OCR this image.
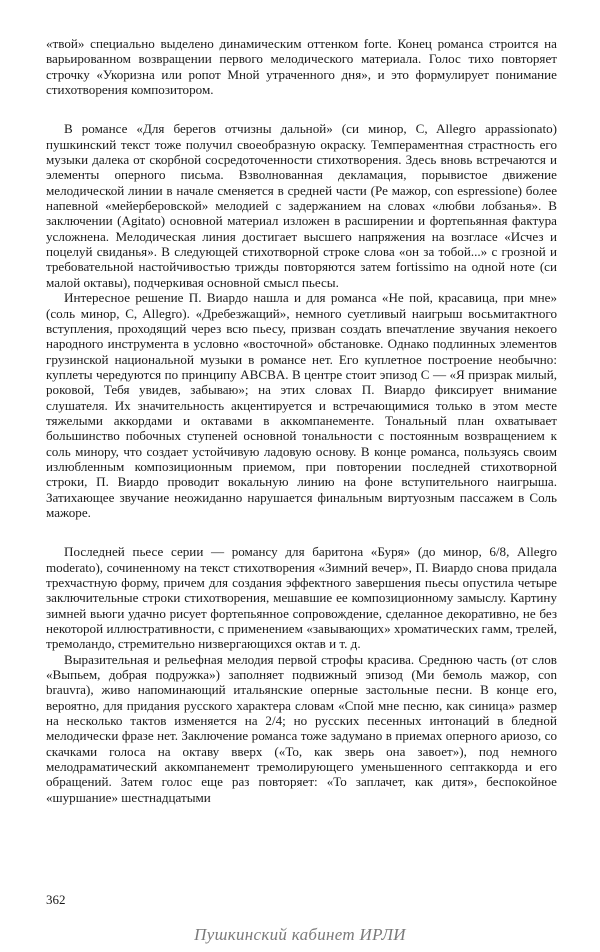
«твой» специально выделено динамическим оттенком forte. Конец романса строится на варьированном возвращении первого мелодического материала. Голос тихо повторяет строчку «Укоризна или ропот Мной утраченного дня», и это формулирует понимание стихотворения композитором.

В романсе «Для берегов отчизны дальной» (си минор, C, Allegro appassionato) пушкинский текст тоже получил своеобразную окраску. Темпераментная страстность его музыки далека от скорбной сосредоточенности стихотворения. Здесь вновь встречаются и элементы оперного письма. Взволнованная декламация, порывистое движение мелодической линии в начале сменяется в средней части (Ре мажор, con espressione) более напевной «мейерберовской» мелодией с задержанием на словах «любви лобзанья». В заключении (Agitato) основной материал изложен в расширении и фортепьянная фактура усложнена. Мелодическая линия достигает высшего напряжения на возгласе «Исчез и поцелуй свиданья». В следующей стихотворной строке слова «он за тобой...» с грозной и требовательной настойчивостью трижды повторяются затем fortissimo на одной ноте (си малой октавы), подчеркивая основной смысл пьесы.

Интересное решение П. Виардо нашла и для романса «Не пой, красавица, при мне» (соль минор, C, Allegro). «Дребезжащий», немного суетливый наигрыш восьмитактного вступления, проходящий через всю пьесу, призван создать впечатление звучания некоего народного инструмента в условно «восточной» обстановке. Однако подлинных элементов грузинской национальной музыки в романсе нет. Его куплетное построение необычно: куплеты чередуются по принципу ABCBA. В центре стоит эпизод C — «Я призрак милый, роковой, Тебя увидев, забываю»; на этих словах П. Виардо фиксирует внимание слушателя. Их значительность акцентируется и встречающимися только в этом месте тяжелыми аккордами и октавами в аккомпанементе. Тональный план охватывает большинство побочных ступеней основной тональности с постоянным возвращением к соль минору, что создает устойчивую ладовую основу. В конце романса, пользуясь своим излюбленным композиционным приемом, при повторении последней стихотворной строки, П. Виардо проводит вокальную линию на фоне вступительного наигрыша. Затихающее звучание неожиданно нарушается финальным виртуозным пассажем в Соль мажоре.

Последней пьесе серии — романсу для баритона «Буря» (до минор, 6/8, Allegro moderato), сочиненному на текст стихотворения «Зимний вечер», П. Виардо снова придала трехчастную форму, причем для создания эффектного завершения пьесы опустила четыре заключительные строки стихотворения, мешавшие ее композиционному замыслу. Картину зимней вьюги удачно рисует фортепьянное сопровождение, сделанное декоративно, не без некоторой иллюстративности, с применением «завывающих» хроматических гамм, трелей, тремоландо, стремительно низвергающихся октав и т. д.

Выразительная и рельефная мелодия первой строфы красива. Среднюю часть (от слов «Выпьем, добрая подружка») заполняет подвижный эпизод (Ми бемоль мажор, con brauvra), живо напоминающий итальянские оперные застольные песни. В конце его, вероятно, для придания русского характера словам «Спой мне песню, как синица» размер на несколько тактов изменяется на 2/4; но русских песенных интонаций в бледной мелодически фразе нет. Заключение романса тоже задумано в приемах оперного ариозо, со скачками голоса на октаву вверх («То, как зверь она завоет»), под немного мелодраматический аккомпанемент тремолирующего уменьшенного септаккорда и его обращений. Затем голос еще раз повторяет: «То заплачет, как дитя», беспокойное «шуршание» шестнадцатыми

362
Пушкинский кабинет ИРЛИ
